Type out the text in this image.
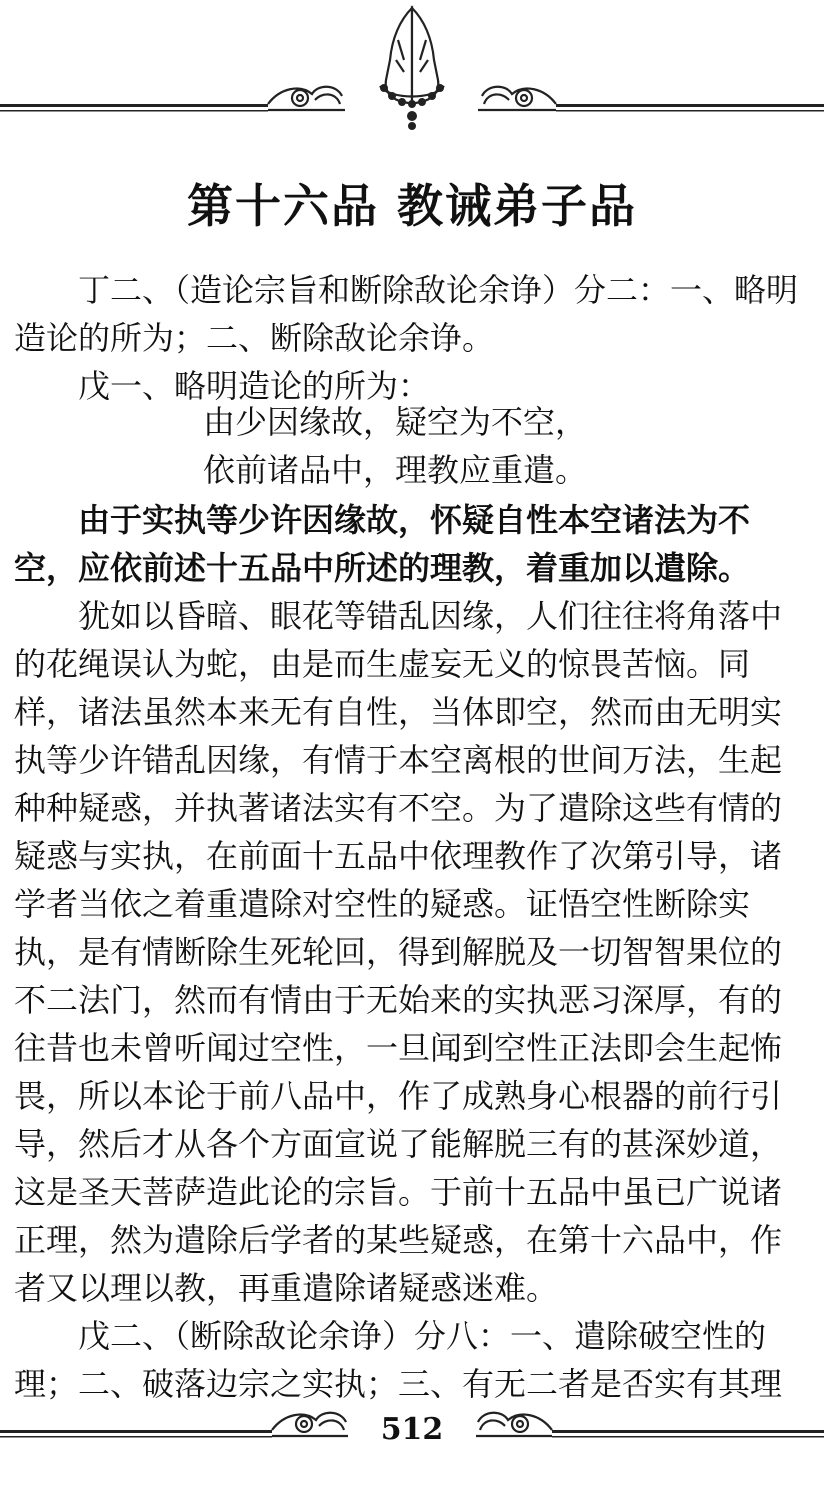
第十六品 教诫弟子品

丁二、（造论宗旨和断除敌论余诤）分二：一、略明造论的所为；二、断除敌论余诤。

戊一、略明造论的所为：

由少因缘故，疑空为不空，
依前诸品中，理教应重遣。

由于实执等少许因缘故，怀疑自性本空诸法为不空，应依前述十五品中所述的理教，着重加以遣除。

犹如以昏暗、眼花等错乱因缘，人们往往将角落中的花绳误认为蛇，由是而生虚妄无义的惊畏苦恼。同样，诸法虽然本来无有自性，当体即空，然而由无明实执等少许错乱因缘，有情于本空离根的世间万法，生起种种疑惑，并执著诸法实有不空。为了遣除这些有情的疑惑与实执，在前面十五品中依理教作了次第引导，诸学者当依之着重遣除对空性的疑惑。证悟空性断除实执，是有情断除生死轮回，得到解脱及一切智智果位的不二法门，然而有情由于无始来的实执恶习深厚，有的往昔也未曾听闻过空性，一旦闻到空性正法即会生起怖畏，所以本论于前八品中，作了成熟身心根器的前行引导，然后才从各个方面宣说了能解脱三有的甚深妙道，这是圣天菩萨造此论的宗旨。于前十五品中虽已广说诸正理，然为遣除后学者的某些疑惑，在第十六品中，作者又以理以教，再重遣除诸疑惑迷难。

戊二、（断除敌论余诤）分八：一、遣除破空性的理；二、破落边宗之实执；三、有无二者是否实有其理

512
